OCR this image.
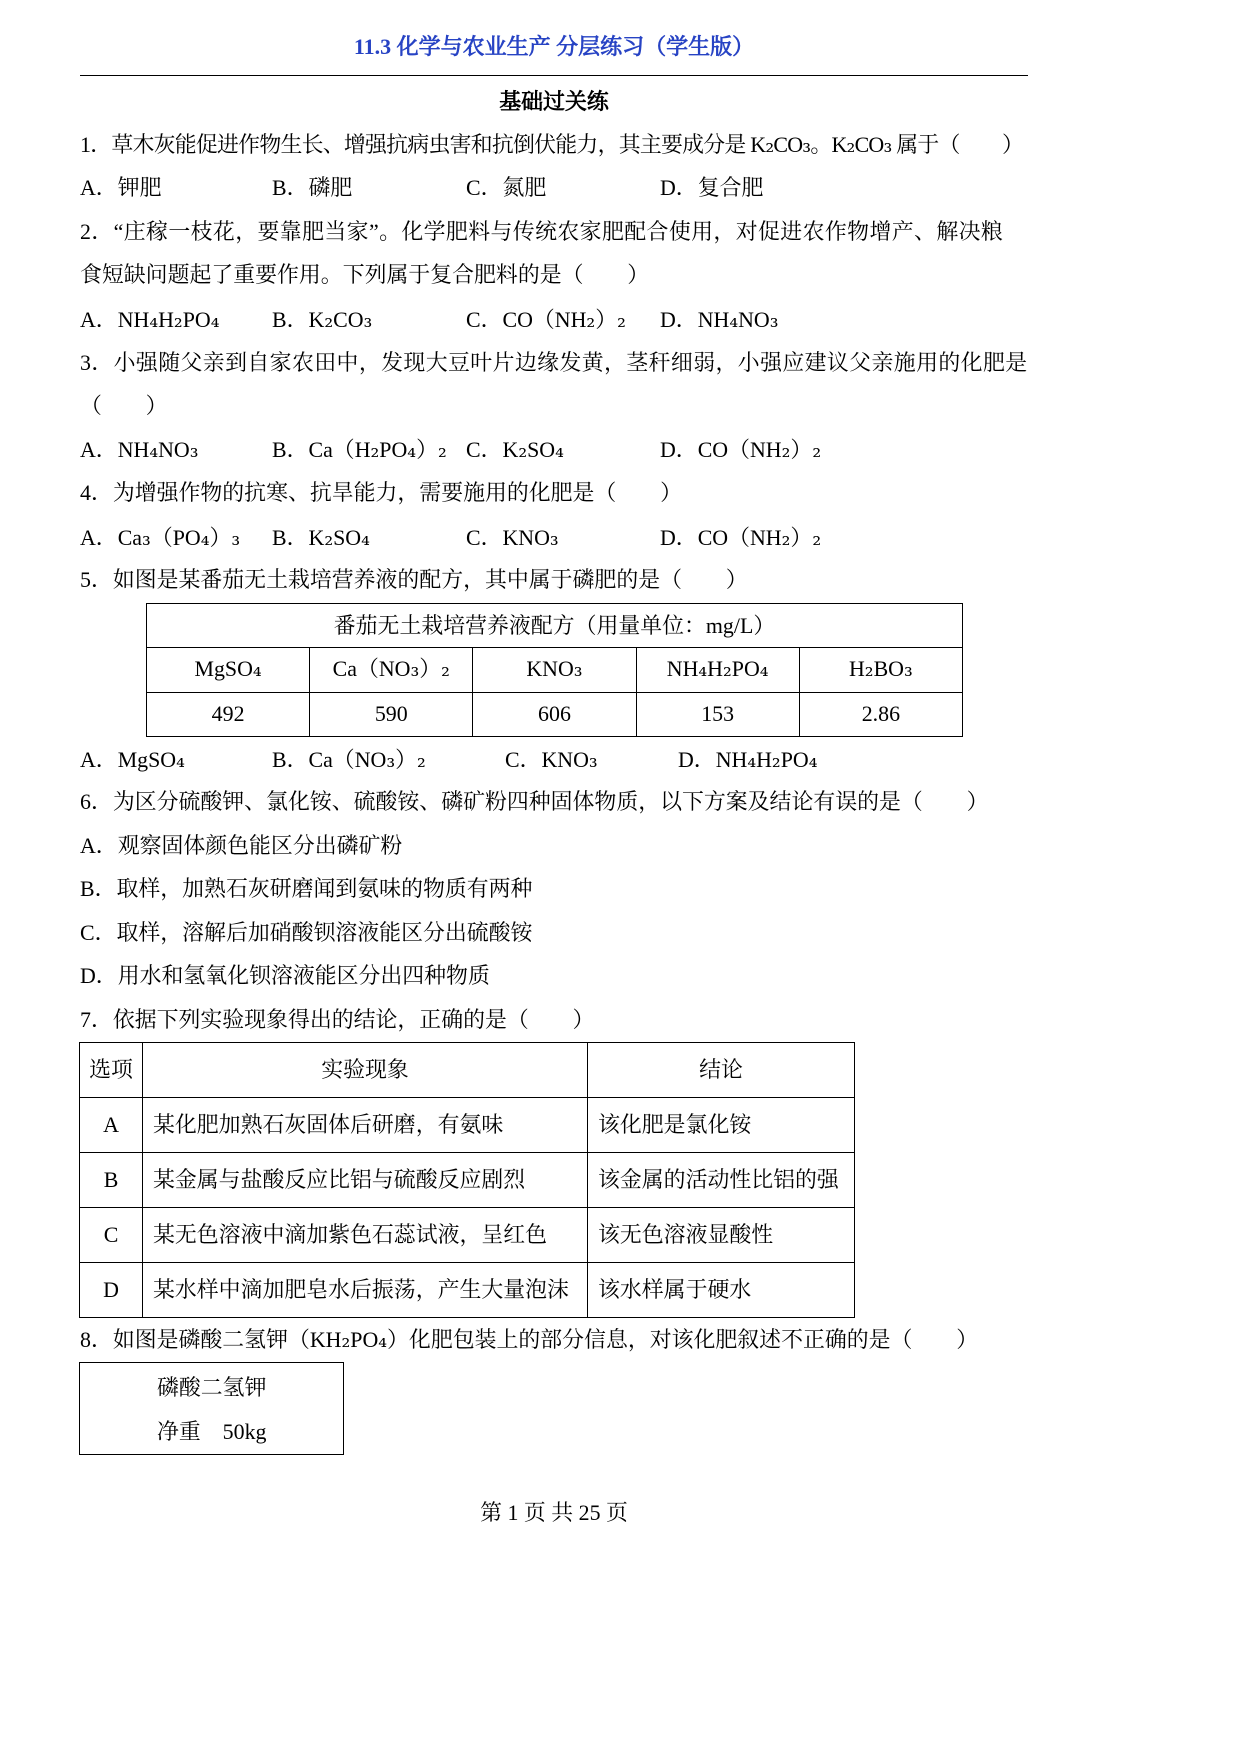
11.3 化学与农业生产 分层练习（学生版）
基础过关练
1．草木灰能促进作物生长、增强抗病虫害和抗倒伏能力，其主要成分是 K₂CO₃。K₂CO₃ 属于（　　）
A．钾肥	B．磷肥	C．氮肥	D．复合肥
2．“庄稼一枝花，要靠肥当家”。化学肥料与传统农家肥配合使用，对促进农作物增产、解决粮
食短缺问题起了重要作用。下列属于复合肥料的是（　　）
A．NH₄H₂PO₄ B．K₂CO₃	C．CO（NH₂）₂ D．NH₄NO₃
3．小强随父亲到自家农田中，发现大豆叶片边缘发黄，茎秆细弱，小强应建议父亲施用的化肥是
（　　）
A．NH₄NO₃	B．Ca（H₂PO₄）₂ C．K₂SO₄	D．CO（NH₂）₂
4．为增强作物的抗寒、抗旱能力，需要施用的化肥是（　　）
A．Ca₃（PO₄）₃ B．K₂SO₄	C．KNO₃	D．CO（NH₂）₂
5．如图是某番茄无土栽培营养液的配方，其中属于磷肥的是（　　）
番茄无土栽培营养液配方（用量单位：mg/L）				
MgSO₄	Ca（NO₃）₂	KNO₃	NH₄H₂PO₄	H₂BO₃
492	590	606	153	2.86
A．MgSO₄	B．Ca（NO₃）₂	C．KNO₃	D．NH₄H₂PO₄
6．为区分硫酸钾、氯化铵、硫酸铵、磷矿粉四种固体物质，以下方案及结论有误的是（　　）
A．观察固体颜色能区分出磷矿粉
B．取样，加熟石灰研磨闻到氨味的物质有两种
C．取样，溶解后加硝酸钡溶液能区分出硫酸铵
D．用水和氢氧化钡溶液能区分出四种物质
7．依据下列实验现象得出的结论，正确的是（　　）
选项	实验现象	结论
A	某化肥加熟石灰固体后研磨，有氨味	该化肥是氯化铵
B	某金属与盐酸反应比铝与硫酸反应剧烈	该金属的活动性比铝的强
C	某无色溶液中滴加紫色石蕊试液，呈红色	该无色溶液显酸性
D	某水样中滴加肥皂水后振荡，产生大量泡沫	该水样属于硬水
8．如图是磷酸二氢钾（KH₂PO₄）化肥包装上的部分信息，对该化肥叙述不正确的是（　　）
磷酸二氢钾
净重　50kg
第 1 页 共 25 页
